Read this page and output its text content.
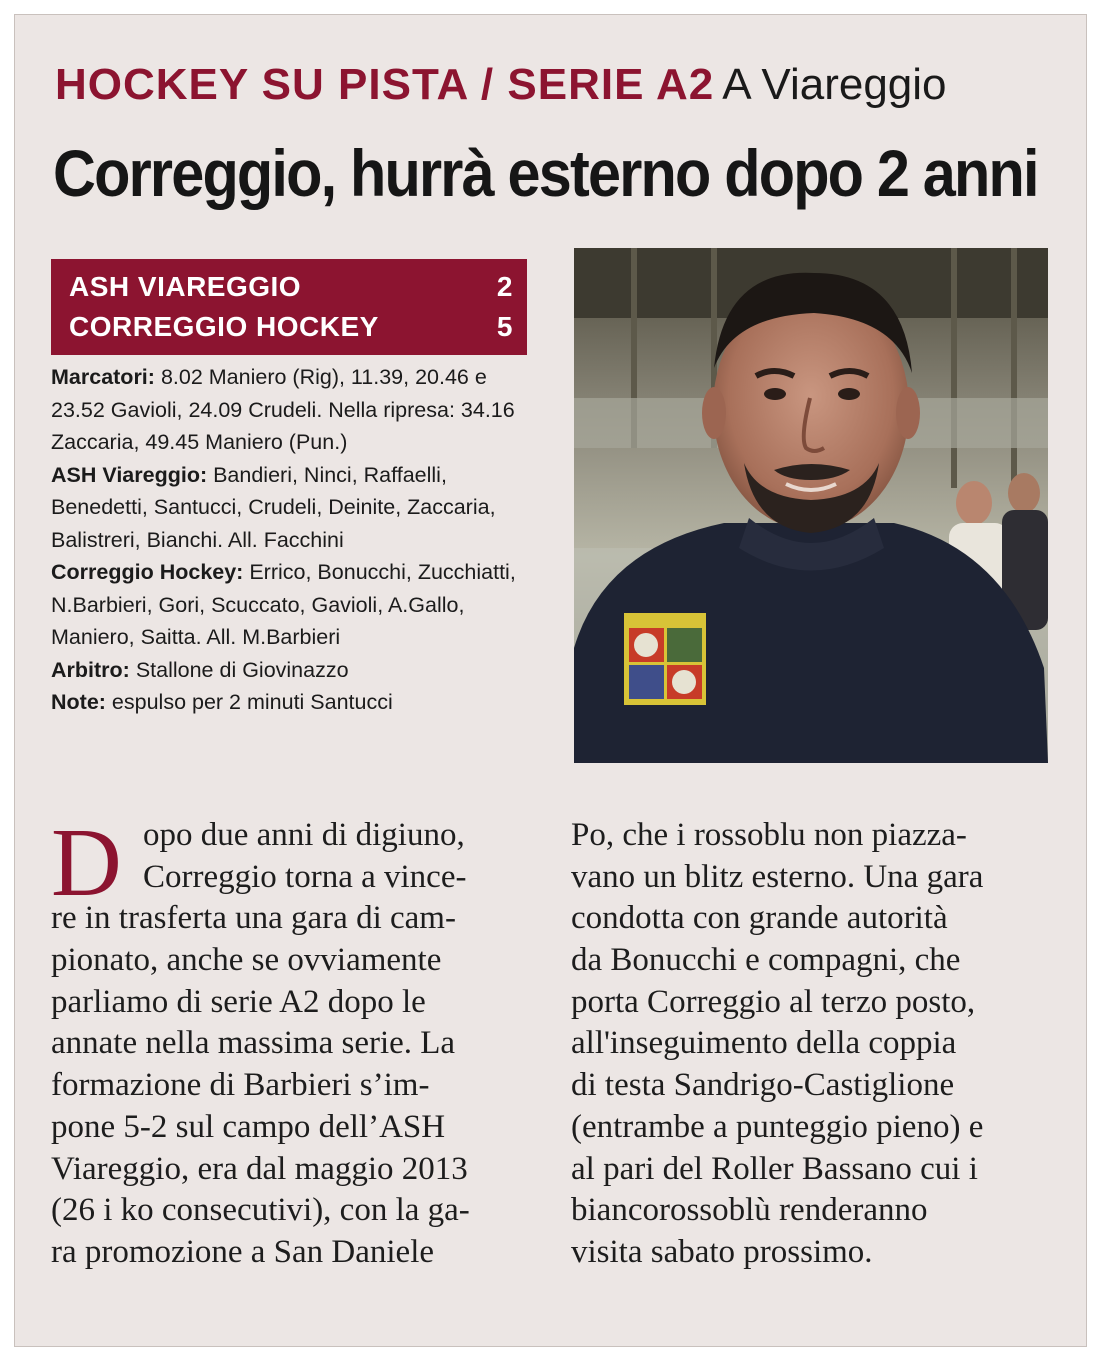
HOCKEY SU PISTA / SERIE A2 A Viareggio
Correggio, hurrà esterno dopo 2 anni
ASH VIAREGGIO	2
CORREGGIO HOCKEY	5

Marcatori: 8.02 Maniero (Rig), 11.39, 20.46 e 23.52 Gavioli, 24.09 Crudeli. Nella ripresa: 34.16 Zaccaria, 49.45 Maniero (Pun.)

ASH Viareggio: Bandieri, Ninci, Raffaelli, Benedetti, Santucci, Crudeli, Deinite, Zaccaria, Balistreri, Bianchi. All. Facchini

Correggio Hockey: Errico, Bonucchi, Zucchiatti, N.Barbieri, Gori, Scuccato, Gavioli, A.Gallo, Maniero, Saitta. All. M.Barbieri

Arbitro: Stallone di Giovinazzo

Note: espulso per 2 minuti Santucci

D opo due anni di digiuno,
Correggio torna a vince-
re in trasferta una gara di cam-
pionato, anche se ovviamente
parliamo di serie A2 dopo le
annate nella massima serie. La
formazione di Barbieri s’im-
pone 5-2 sul campo dell’ASH
Viareggio, era dal maggio 2013
(26 i ko consecutivi), con la ga-
ra promozione a San Daniele
Po, che i rossoblu non piazza-
vano un blitz esterno. Una gara
condotta con grande autorità
da Bonucchi e compagni, che
porta Correggio al terzo posto,
all'inseguimento della coppia
di testa Sandrigo-Castiglione
(entrambe a punteggio pieno) e
al pari del Roller Bassano cui i
biancorossoblù renderanno
visita sabato prossimo.
